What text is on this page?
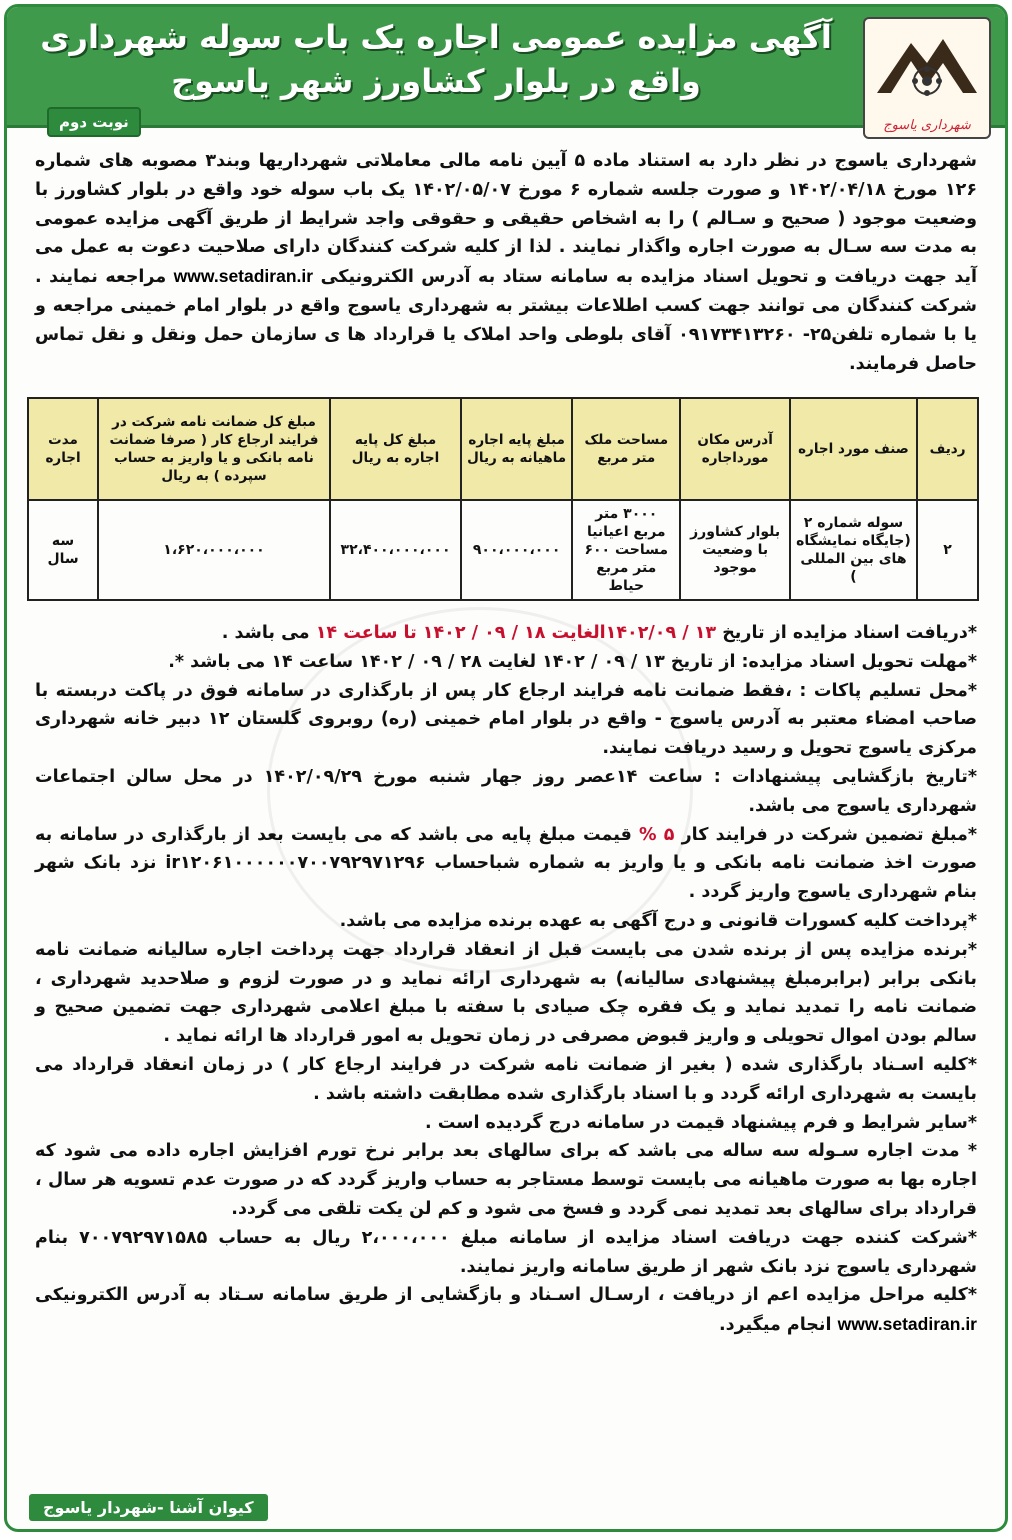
آگهی مزایده عمومی اجاره یک باب سوله شهرداری
واقع در بلوار کشاورز شهر یاسوج
شهرداری یاسوج
نوبت دوم

شهرداری یاسوج در نظر دارد به استناد ماده ۵ آیین نامه مالی معاملاتی شهرداریها وبند۳ مصوبه های شماره ۱۲۶ مورخ ۱۴۰۲/۰۴/۱۸ و صورت جلسه شماره ۶ مورخ ۱۴۰۲/۰۵/۰۷ یک باب سوله خود واقع در بلوار کشاورز با وضعیت موجود ( صحیح و سـالم ) را به اشخاص حقیقی و حقوقی واجد شرایط از طریق آگهی مزایده عمومی به مدت سه سـال به صورت اجاره واگذار نمایند . لذا از کلیه شرکت کنندگان دارای صلاحیت دعوت به عمل می آید جهت دریافت و تحویل اسناد مزایده به سامانه ستاد به آدرس الکترونیکی www.setadiran.ir مراجعه نمایند . شرکت کنندگان می توانند جهت کسب اطلاعات بیشتر به شهرداری یاسوج واقع در بلوار امام خمینی مراجعه و یا با شماره تلفن۲۵- ۰۹۱۷۳۴۱۳۲۶۰ آقای بلوطی واحد املاک یا قرارداد ها ی سازمان حمل ونقل و نقل تماس حاصل فرمایند.

ردیف	صنف مورد اجاره	آدرس مکان مورداجاره	مساحت ملک متر مربع	مبلغ پایه اجاره ماهیانه به ریال	مبلغ کل پایه اجاره به ریال	مبلغ کل ضمانت نامه شرکت در فرایند ارجاع کار ( صرفا ضمانت نامه بانکی و یا واریز به حساب سپرده ) به ریال	مدت اجاره
۲	سوله شماره ۲ (جایگاه نمایشگاه های بین المللی )	بلوار کشاورز با وضعیت موجود	۳۰۰۰ متر مربع اعیانیا مساحت ۶۰۰ متر مربع حیاط	۹۰۰،۰۰۰،۰۰۰	۳۲،۴۰۰،۰۰۰،۰۰۰	۱،۶۲۰،۰۰۰،۰۰۰	سه سال

*دریافت اسناد مزایده از تاریخ ۱۳ / ۱۴۰۲/۰۹الغایت ۱۸ / ۰۹ / ۱۴۰۲ تا ساعت ۱۴ می باشد .

*مهلت تحویل اسناد مزایده: از تاریخ ۱۳ / ۰۹ / ۱۴۰۲ لغایت ۲۸ / ۰۹ / ۱۴۰۲ ساعت ۱۴ می باشد *.

*محل تسلیم پاکات : ،فقط ضمانت نامه فرایند ارجاع کار پس از بارگذاری در سامانه فوق در پاکت دربسته با صاحب امضاء معتبر به آدرس یاسوج - واقع در بلوار امام خمینی (ره) روبروی گلستان ۱۲ دبیر خانه شهرداری مرکزی یاسوج تحویل و رسید دریافت نمایند.

*تاریخ بازگشایی پیشنهادات : ساعت ۱۴عصر روز جهار شنبه مورخ ۱۴۰۲/۰۹/۲۹ در محل سالن اجتماعات شهرداری یاسوج می باشد.

*مبلغ تضمین شرکت در فرایند کار ۵ % قیمت مبلغ پایه می باشد که می بایست بعد از بارگذاری در سامانه به صورت اخذ ضمانت نامه بانکی و یا واریز به شماره شباحساب ir۱۲۰۶۱۰۰۰۰۰۰۷۰۰۷۹۲۹۷۱۲۹۶ نزد بانک شهر بنام شهرداری یاسوج واریز گردد .

*پرداخت کلیه کسورات قانونی و درج آگهی به عهده برنده مزایده می باشد.

*برنده مزایده پس از برنده شدن می بایست قبل از انعقاد قرارداد جهت پرداخت اجاره سالیانه ضمانت نامه بانکی برابر (برابرمبلغ پیشنهادی سالیانه) به شهرداری ارائه نماید و در صورت لزوم و صلاحدید شهرداری ، ضمانت نامه را تمدید نماید و یک فقره چک صیادی با سفته با مبلغ اعلامی شهرداری جهت تضمین صحیح و سالم بودن اموال تحویلی و واریز قبوض مصرفی در زمان تحویل به امور قرارداد ها ارائه نماید .

*کلیه اسـناد بارگذاری شده ( بغیر از ضمانت نامه شرکت در فرایند ارجاع کار ) در زمان انعقاد قرارداد می بایست به شهرداری ارائه گردد و با اسناد بارگذاری شده مطابقت داشته باشد .

*سایر شرایط و فرم پیشنهاد قیمت در سامانه درج گردیده است .

* مدت اجاره سـوله سه ساله می باشد که برای سالهای بعد برابر نرخ تورم افزایش اجاره داده می شود که اجاره بها به صورت ماهیانه می بایست توسط مستاجر به حساب واریز گردد که در صورت عدم تسویه هر سال ، قرارداد برای سالهای بعد تمدید نمی گردد و فسخ می شود و کم لن یکت تلقی می گردد.

*شرکت کننده جهت دریافت اسناد مزایده از سامانه مبلغ ۲،۰۰۰،۰۰۰ ریال به حساب ۷۰۰۷۹۲۹۷۱۵۸۵ بنام شهرداری یاسوج نزد بانک شهر از طریق سامانه واریز نمایند.

*کلیه مراحل مزایده اعم از دریافت ، ارسـال اسـناد و بازگشایی از طریق سامانه سـتاد به آدرس الکترونیکی www.setadiran.ir انجام میگیرد.

کیوان آشنا -شهردار یاسوج
